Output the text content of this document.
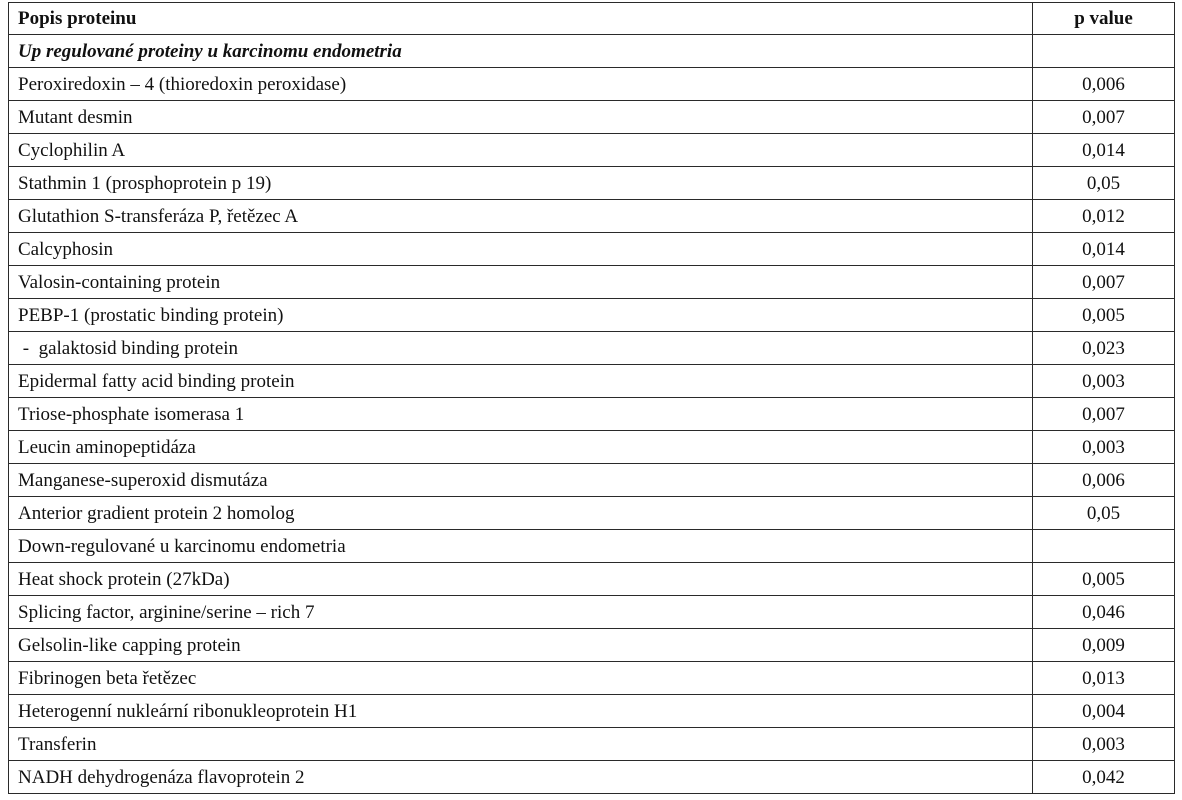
Popis proteinu	p value
Up regulované proteiny u karcinomu endometria	
Peroxiredoxin – 4 (thioredoxin peroxidase)	0,006
Mutant desmin	0,007
Cyclophilin A	0,014
Stathmin 1 (prosphoprotein p 19)	0,05
Glutathion S-transferáza P, řetězec A	0,012
Calcyphosin	0,014
Valosin-containing protein	0,007
PEBP-1 (prostatic binding protein)	0,005
-  galaktosid binding protein	0,023
Epidermal fatty acid binding protein	0,003
Triose-phosphate isomerasa 1	0,007
Leucin aminopeptidáza	0,003
Manganese-superoxid dismutáza	0,006
Anterior gradient protein 2 homolog	0,05
Down-regulované u karcinomu endometria	
Heat shock protein (27kDa)	0,005
Splicing factor, arginine/serine – rich 7	0,046
Gelsolin-like capping protein	0,009
Fibrinogen beta řetězec	0,013
Heterogenní nukleární ribonukleoprotein H1	0,004
Transferin	0,003
NADH dehydrogenáza flavoprotein 2	0,042
